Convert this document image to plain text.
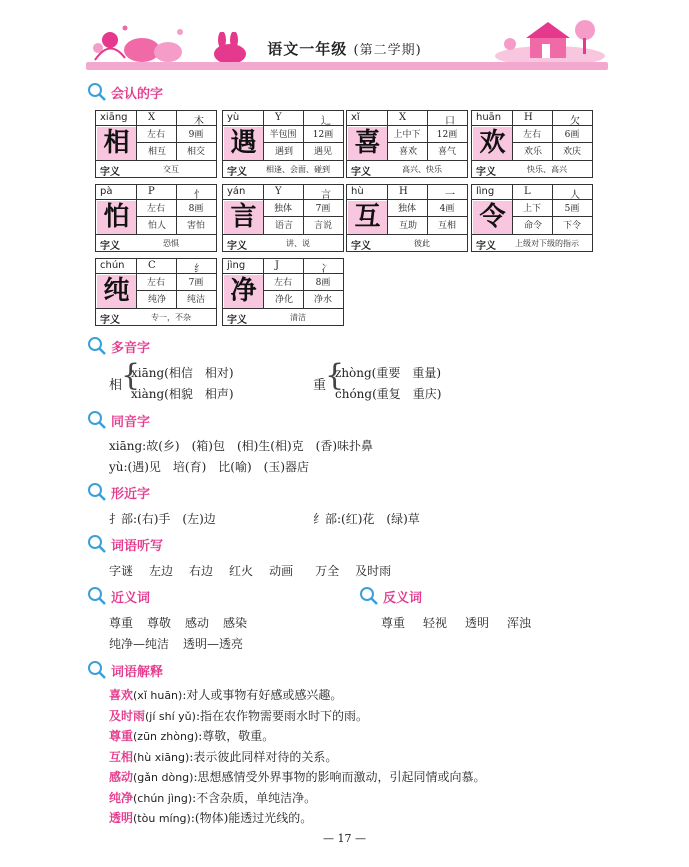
语文一年级 (第二学期)
会认的字
xiāng X	木
相	左右	9画
相互	相交
字义	交互
yù	Y	辶
遇	半包围	12画
遇到	遇见
字义	相逢、会面、碰到
xǐ	X	口
喜	上中下	12画
喜欢	喜气
字义	高兴、快乐
huān H	欠
欢	左右	6画
欢乐	欢庆
字义	快乐、高兴
pà	P	忄
怕	左右	8画
怕人	害怕
字义	恐惧
yán	Y	言
言	独体	7画
语言	言说
字义	讲、说
hù	H	一
互	独体	4画
互助	互相
字义	彼此
lìng	L	人
令	上下	5画
命令	下令
字义	上级对下级的指示
chún C	纟
纯	左右	7画
纯净	纯洁
字义	专一，不杂
jìng	J	冫
净	左右	8画
净化	净水
字义	清洁
多音字
相
{
xiāng(相信　相对)
xiàng(相貌　相声)
重
{
zhòng(重要　重量)
chóng(重复　重庆)
同音字
xiāng:故(乡)　(箱)包　(相)生(相)克　(香)味扑鼻
yù:(遇)见　培(育)　比(喻)　(玉)器店
形近字
扌部:(右)手　(左)边	纟部:(红)花　(绿)草
词语听写
字谜 左边 右边 红火 动画 万全 及时雨
近义词	反义词
尊重 尊敬 感动 感染
纯净—纯洁 透明—透亮
尊重 轻视 透明 浑浊
词语解释
喜欢(xǐ huān):对人或事物有好感或感兴趣。
及时雨(jí shí yǔ):指在农作物需要雨水时下的雨。
尊重(zūn zhòng):尊敬，敬重。
互相(hù xiāng):表示彼此同样对待的关系。
感动(gǎn dòng):思想感情受外界事物的影响而激动，引起同情或向慕。
纯净(chún jìng):不含杂质，单纯洁净。
透明(tòu míng):(物体)能透过光线的。
— 17 —
